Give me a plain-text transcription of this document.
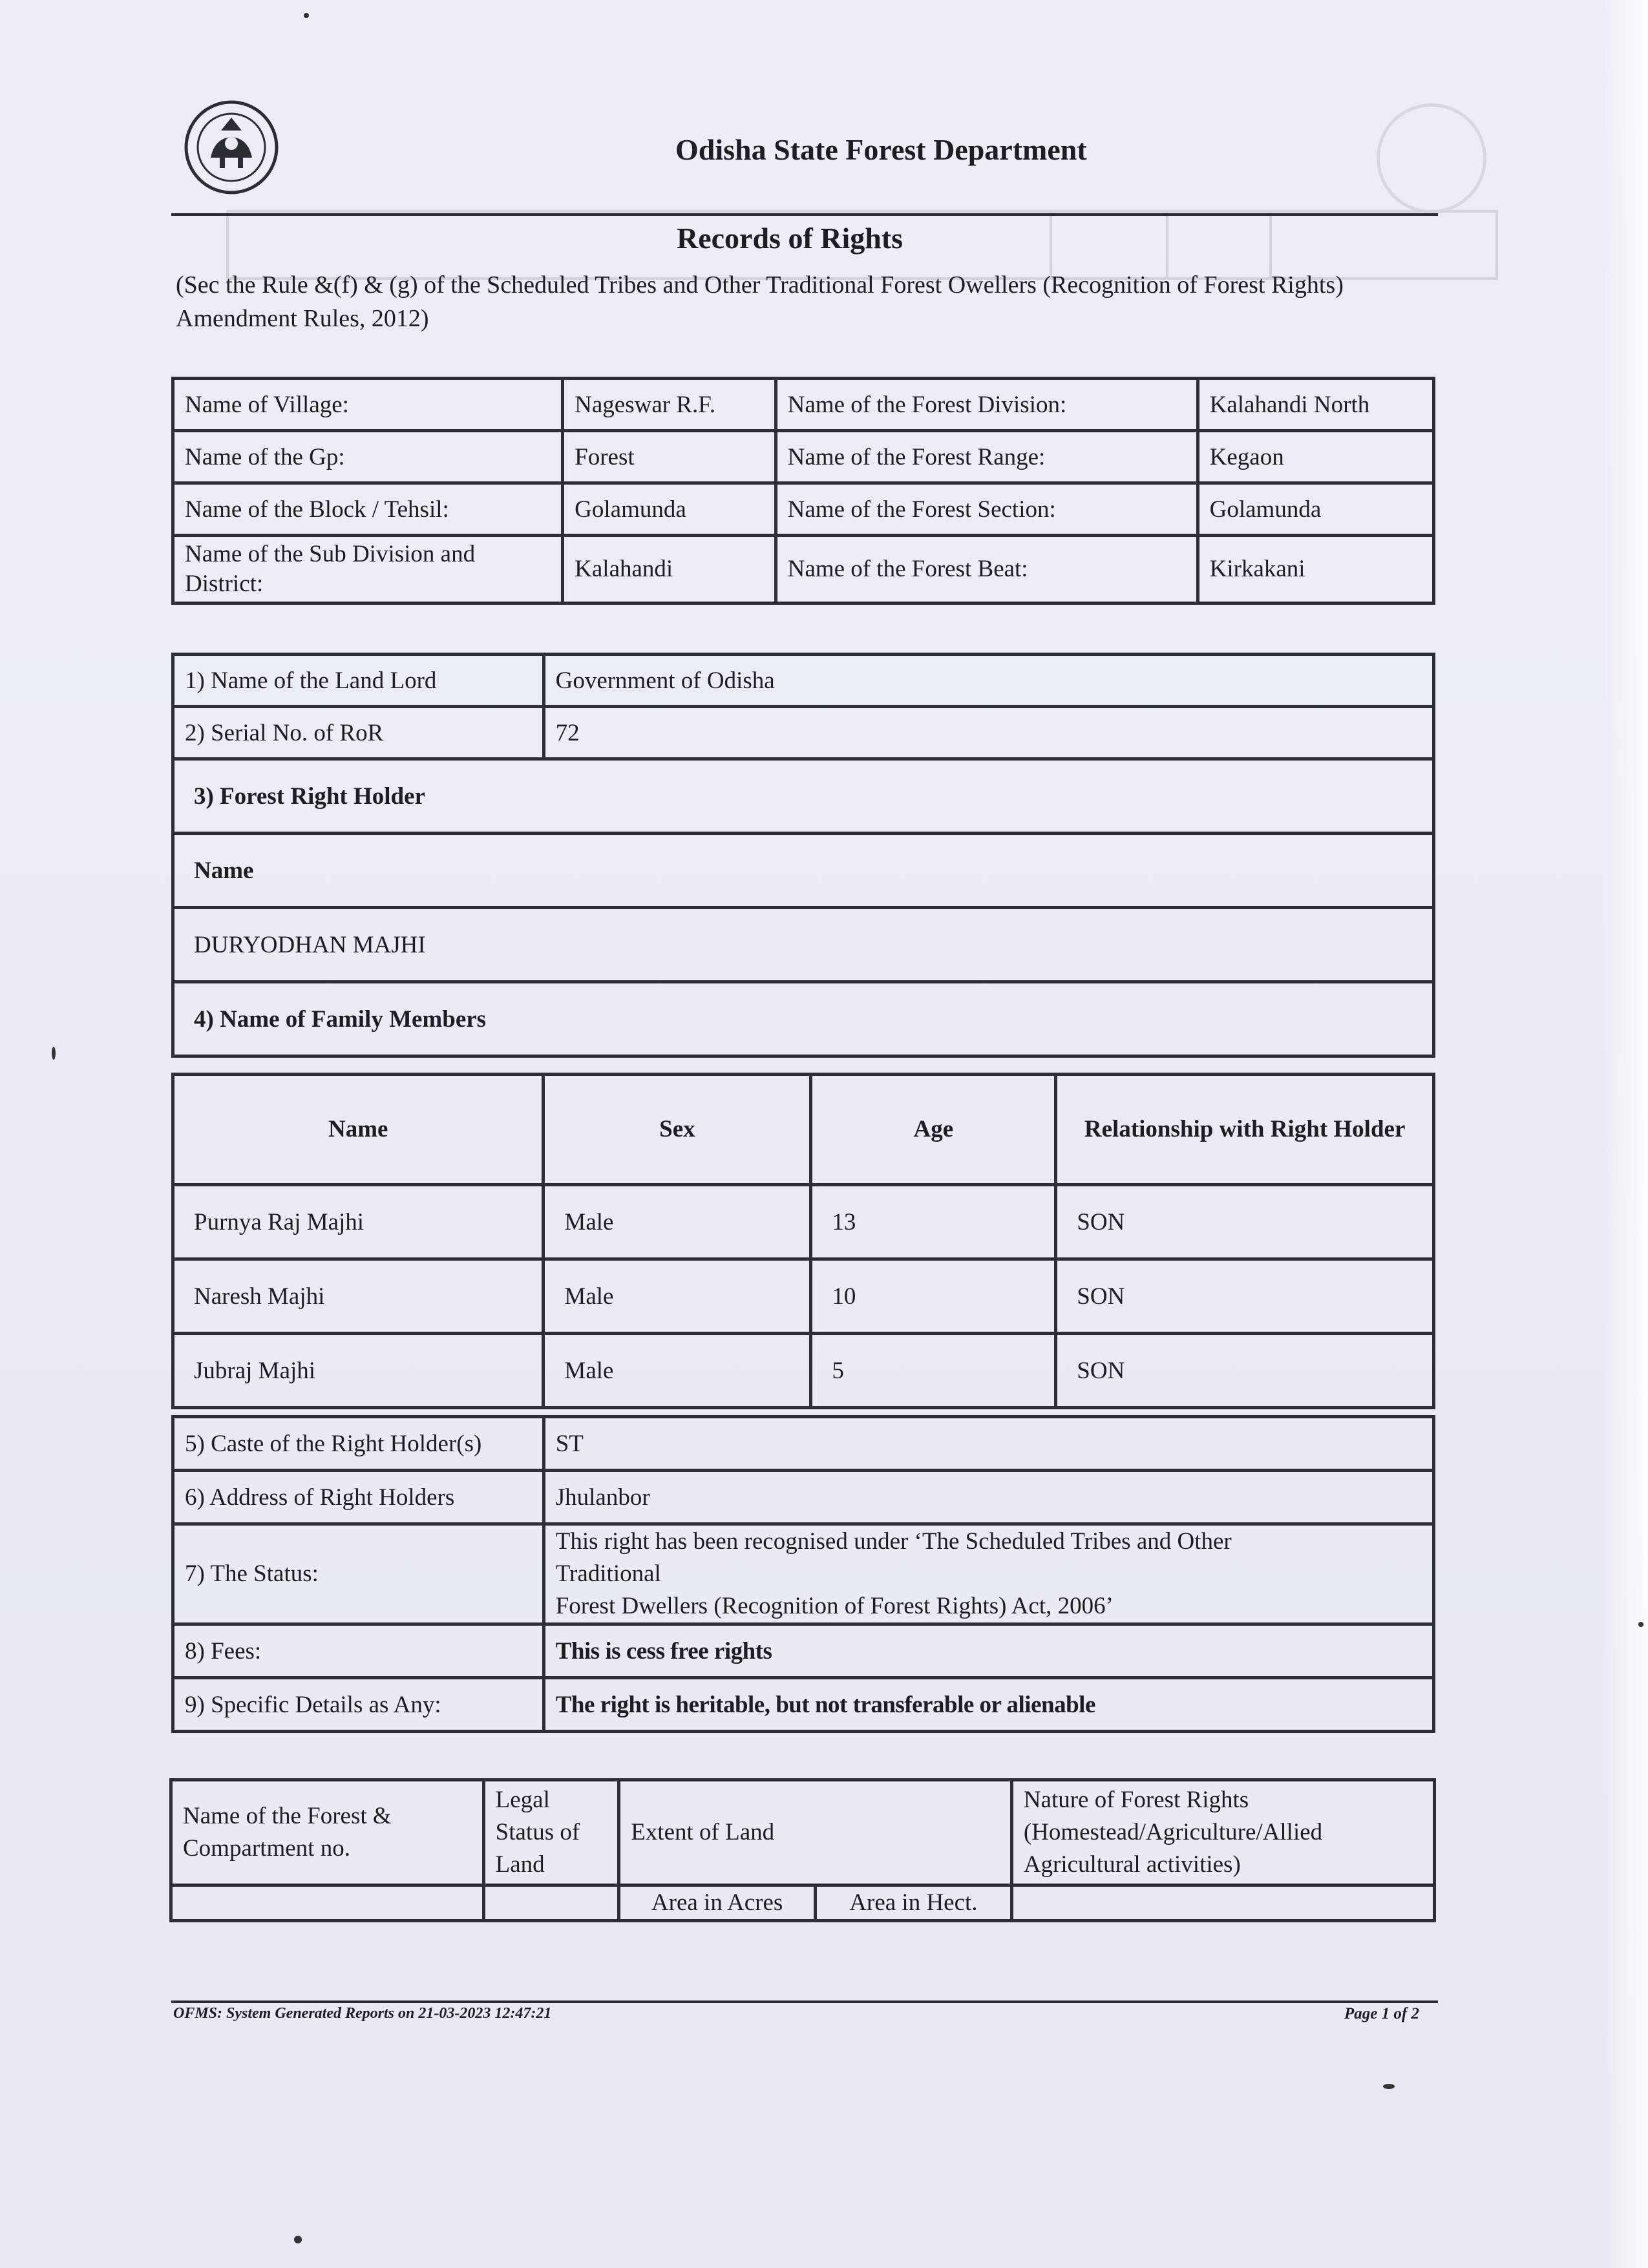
Odisha State Forest Department
Records of Rights
(Sec the Rule &(f) & (g) of the Scheduled Tribes and Other Traditional Forest Owellers (Recognition of Forest Rights) Amendment Rules, 2012)
Name of Village:	Nageswar R.F.	Name of the Forest Division:	Kalahandi North
Name of the Gp:	Forest	Name of the Forest Range:	Kegaon
Name of the Block / Tehsil:	Golamunda	Name of the Forest Section:	Golamunda
Name of the Sub Division and District:	Kalahandi	Name of the Forest Beat:	Kirkakani
1) Name of the Land Lord	Government of Odisha
2) Serial No. of RoR	72
3) Forest Right Holder	
Name	
DURYODHAN MAJHI	
4) Name of Family Members	
Name	Sex	Age	Relationship with Right Holder
Purnya Raj Majhi	Male	13	SON
Naresh Majhi	Male	10	SON
Jubraj Majhi	Male	5	SON
5) Caste of the Right Holder(s)	ST
6) Address of Right Holders	Jhulanbor
7) The Status:	This right has been recognised under ‘The Scheduled Tribes and Other
Traditional
Forest Dwellers (Recognition of Forest Rights) Act, 2006’

8) Fees:	This is cess free rights
9) Specific Details as Any:	The right is heritable, but not transferable or alienable
Name of the Forest & Compartment no.	Legal Status of Land	Extent of Land		Nature of Forest Rights (Homestead/Agriculture/Allied Agricultural activities)
		Area in Acres	Area in Hect.	
OFMS: System Generated Reports on 21-03-2023 12:47:21	Page 1 of 2
